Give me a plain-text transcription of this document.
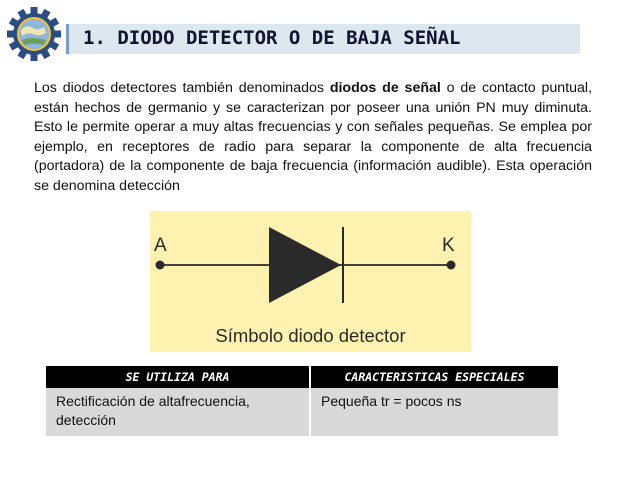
1. DIODO DETECTOR O DE BAJA SEÑAL
Los diodos detectores también denominados diodos de señal o de contacto puntual, están hechos de germanio y se caracterizan por poseer una unión PN muy diminuta. Esto le permite operar a muy altas frecuencias y con señales pequeñas. Se emplea por ejemplo, en receptores de radio para separar la componente de alta frecuencia (portadora) de la componente de baja frecuencia (información audible). Esta operación se denomina detección
A	K
Símbolo diodo detector
SE UTILIZA PARA	CARACTERISTICAS ESPECIALES
Rectificación de altafrecuencia, detección	Pequeña tr = pocos ns
